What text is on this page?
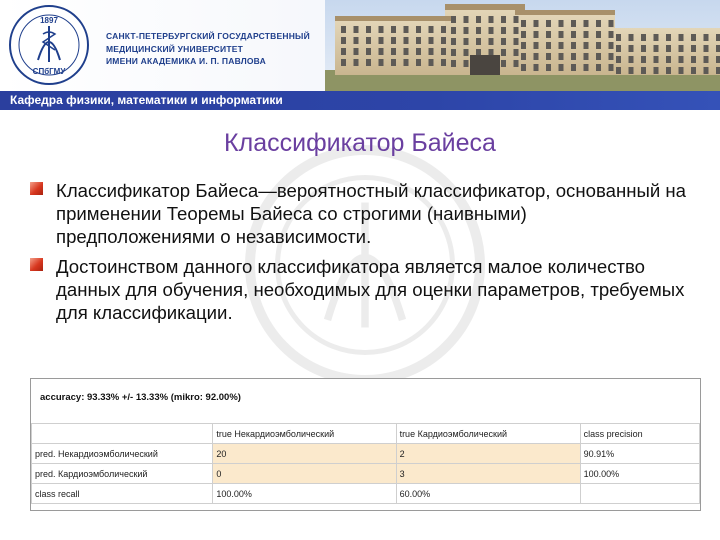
1897
СПбГМУ
САНКТ-ПЕТЕРБУРГСКИЙ ГОСУДАРСТВЕННЫЙ
МЕДИЦИНСКИЙ УНИВЕРСИТЕТ
ИМЕНИ АКАДЕМИКА И. П. ПАВЛОВА
Кафедра физики, математики и информатики
Классификатор Байеса
Классификатор Байеса—вероятностный классификатор, основанный на применении Теоремы Байеса со строгими (наивными) предположениями о независимости.
Достоинством данного классификатора является малое количество данных для обучения, необходимых для оценки параметров, требуемых для классификации.
accuracy: 93.33% +/- 13.33% (mikro: 92.00%)
	true Некардиоэмболический	true Кардиоэмболический	class precision
pred. Некардиоэмболический	20	2	90.91%
pred. Кардиоэмболический	0	3	100.00%
class recall	100.00%	60.00%	
